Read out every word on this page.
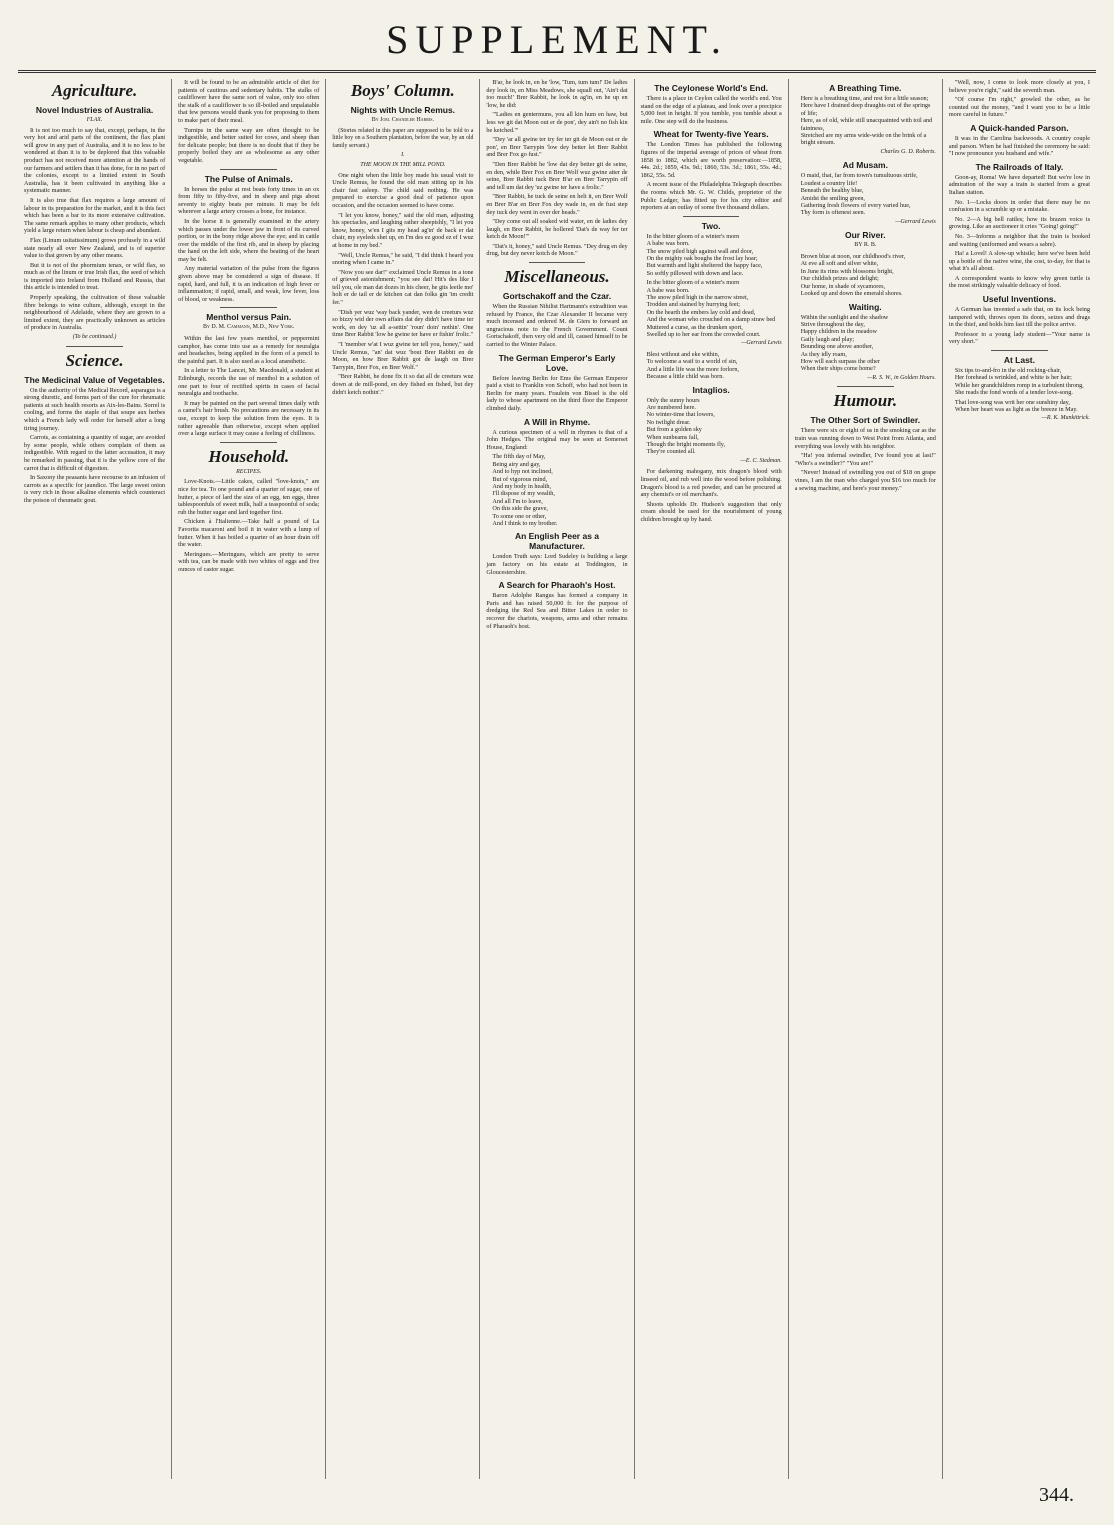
SUPPLEMENT.
Agriculture.
Novel Industries of Australia.
FLAX.

It is not too much to say that, except, perhaps, in the very hot and arid parts of the continent, the flax plant will grow in any part of Australia, and it is no less to be wondered at than it is to be deplored that this valuable product has not received more attention at the hands of our farmers and settlers than it has done, for in no part of the colonies, except to a limited extent in South Australia, has it been cultivated in anything like a systematic manner.

It is also true that flax requires a large amount of labour in its preparation for the market, and it is this fact which has been a bar to its more extensive cultivation. The same remark applies to many other products, which yield a large return when labour is cheap and abundant.

Flax (Linum usitatissimum) grows profusely in a wild state nearly all over New Zealand, and is of superior value to that grown by any other means.

But it is not of the phormium tenax, or wild flax, so much as of the linum or true Irish flax, the seed of which is imported into Ireland from Holland and Russia, that this article is intended to treat.

Properly speaking, the cultivation of these valuable fibre belongs to wine culture, although, except in the neighbourhood of Adelaide, where they are grown to a limited extent, they are practically unknown as articles of produce in Australia.

(To be continued.)
Science.
The Medicinal Value of Vegetables.

On the authority of the Medical Record, asparagus is a strong diuretic, and forms part of the cure for rheumatic patients at such health resorts as Aix-les-Bains. Sorrel is cooling, and forms the staple of that soupe aux herbes which a French lady will order for herself after a long tiring journey.

Carrots, as containing a quantity of sugar, are avoided by some people, while others complain of them as indigestible. With regard to the latter accusation, it may be remarked in passing, that it is the yellow core of the carrot that is difficult of digestion.

In Saxony the peasants have recourse to an infusion of carrots as a specific for jaundice. The large sweet onion is very rich in those alkaline elements which counteract the poison of rheumatic gout.

It will be found to be an admirable article of diet for patients of cautious and sedentary habits. The stalks of cauliflower have the same sort of value, only too often the stalk of a cauliflower is so ill-boiled and unpalatable that few persons would thank you for proposing to them to make part of their meal.

Turnips in the same way are often thought to be indigestible, and better suited for cows, and sheep than for delicate people; but there is no doubt that if they be properly boiled they are as wholesome as any other vegetable.

The Pulse of Animals.

In horses the pulse at rest beats forty times in an ox from fifty to fifty-five, and in sheep and pigs about seventy to eighty beats per minute. It may be felt wherever a large artery crosses a bone, for instance.

In the horse it is generally examined in the artery which passes under the lower jaw in front of its curved portion, or in the bony ridge above the eye; and in cattle over the middle of the first rib, and in sheep by placing the hand on the left side, where the beating of the heart may be felt.

Any material variation of the pulse from the figures given above may be considered a sign of disease. If rapid, hard, and full, it is an indication of high fever or inflammation; if rapid, small, and weak, low fever, loss of blood, or weakness.

Menthol versus Pain.
By D. M. Cammann, M.D., New York.

Within the last few years menthol, or peppermint camphor, has come into use as a remedy for neuralgia and headaches, being applied in the form of a pencil to the painful part. It is also used as a local anæsthetic.

In a letter to The Lancet, Mr. Macdonald, a student at Edinburgh, records the use of menthol in a solution of one part to four of rectified spirits in cases of facial neuralgia and toothache.

It may be painted on the part several times daily with a camel's hair brush. No precautions are necessary in its use, except to keep the solution from the eyes. It is rather agreeable than otherwise, except when applied over a large surface it may cause a feeling of chilliness.

Household.
RECIPES.

Love-Knots.—Little cakes, called "love-knots," are nice for tea. To one pound and a quarter of sugar, one of butter, a piece of lard the size of an egg, ten eggs, three tablespoonfuls of sweet milk, half a teaspoonful of soda; rub the butter sugar and lard together first.

Chicken à l'Italienne.—Take half a pound of La Favorita macaroni and boil it in water with a lump of butter. When it has boiled a quarter of an hour drain off the water.

Meringues.—Meringues, which are pretty to serve with tea, can be made with two whites of eggs and five ounces of castor sugar.

Boys' Column.
Nights with Uncle Remus.
By Joel Chandler Harris.

(Stories related in this paper are supposed to be told to a little boy on a Southern plantation, before the war, by an old family servant.)

I.
THE MOON IN THE MILL POND.

One night when the little boy made his usual visit to Uncle Remus, he found the old man sitting up in his chair fast asleep. The child said nothing. He was prepared to exercise a good deal of patience upon occasion, and the occasion seemed to have come.

"I let you know, honey," said the old man, adjusting his spectacles, and laughing rather sheepishly, "I let you know, honey, w'en I gits my head ag'in' de back er dat chair, my eyeleds shet up, en I'm des ez good ez ef I wuz at home in my bed."

"Well, Uncle Remus," he said, "I did think I heard you snoring when I came in."

"Now you see dar!" exclaimed Uncle Remus in a tone of grieved astonishment; "you see dat! Hit's des like I tell you, ole man dat dozes in his cheer, he gits leetle mo' holt er de tail er de kitchen cat dan folks gin 'im credit fer."

"Dish yer wuz 'way back yander, wen de creeturs wuz so bizzy wid der own affairs dat dey didn't have time ter work, en dey 'uz all a-settin' 'roun' doin' nothin'. One time Brer Rabbit 'low he gwine ter have er fishin' frolic."

"I 'member w'at I wuz gwine ter tell you, honey," said Uncle Remus, "an' dat wuz 'bout Brer Rabbit en de Moon, en how Brer Rabbit got de laugh on Brer Tarrypin, Brer Fox, en Brer Wolf."

"Brer Rabbit, he done fix it so dat all de creeturs wuz down at de mill-pond, en dey fished en fished, but dey didn't ketch nothin'."

B'ar, he look in, en he 'low, 'Tum, tum tum!' De ladies dey look in, en Miss Meadows, she squall out, 'Ain't dat too much!' Brer Rabbit, he look in ag'in, en he up en 'low, he did:

"'Ladies en gentermuns, you all kin hum en haw, but less we git dat Moon out er de pon', dey ain't no fish kin be ketched.'"

"Dey 'ar all gwine ter try fer ter git de Moon out er de pon', en Brer Tarrypin 'low dey better let Brer Rabbit and Brer Fox go fust."

"Den Brer Rabbit he 'low dat dey better git de seine, en den, while Brer Fox en Brer Wolf wuz gwine atter de seine, Brer Rabbit tuck Brer B'ar en Brer Tarrypin off and tell um dat dey 'uz gwine ter have a frolic."

"Brer Rabbit, he tuck de seine en helt it, en Brer Wolf en Brer B'ar en Brer Fox dey wade in, en de fust step dey tuck dey went in over der heads."

"Dey come out all soaked wid water, en de ladies dey laugh, en Brer Rabbit, he hollered 'Dat's de way fer ter ketch de Moon!'"

"Dat's it, honey," said Uncle Remus. "Dey drug en dey drug, but dey never kotch de Moon."

Miscellaneous.
Gortschakoff and the Czar.

When the Russian Nihilist Hartmann's extradition was refused by France, the Czar Alexander II became very much incensed and ordered M. de Giers to forward an ungracious note to the French Government. Count Gortschakoff, then very old and ill, caused himself to be carried to the Winter Palace.

The German Emperor's Early Love.

Before leaving Berlin for Ems the German Emperor paid a visit to Franklin von Schoff, who had not been in Berlin for many years. Fraulein von Bissel is the old lady to whose apartment on the third floor the Emperor climbed daily.

A Will in Rhyme.

A curious specimen of a will in rhymes is that of a John Hedges. The original may be seen at Somerset House, England:

The fifth day of May,
Being airy and gay,
And to hyp not inclined,
But of vigorous mind,
And my body in health,
I'll dispose of my wealth,
And all I'm to leave,
On this side the grave,
To some one or other,
And I think to my brother.
An English Peer as a Manufacturer.

London Truth says: Lord Sudeley is building a large jam factory on his estate at Toddington, in Gloucestershire.

A Search for Pharaoh's Host.

Baron Adolphe Rangus has formed a company in Paris and has raised 50,000 fr. for the purpose of dredging the Red Sea and Bitter Lakes in order to recover the chariots, weapons, arms and other remains of Pharaoh's host.

The Ceylonese World's End.

There is a place in Ceylon called the world's end. You stand on the edge of a plateau, and look over a precipice 5,000 feet in height. If you tumble, you tumble about a mile. One step will do the business.

Wheat for Twenty-five Years.

The London Times has published the following figures of the imperial average of prices of wheat from 1858 to 1882, which are worth preservation:—1858, 44s. 2d.; 1859, 43s. 9d.; 1860, 53s. 3d.; 1861, 55s. 4d.; 1862, 55s. 5d.

A recent issue of the Philadelphia Telegraph describes the rooms which Mr. G. W. Childs, proprietor of the Public Ledger, has fitted up for his city editor and reporters at an outlay of some five thousand dollars.

Two.
In the bitter gloom of a winter's morn
A babe was born.
The snow piled high against wall and door,
On the mighty oak boughs the frost lay hoar;
But warmth and light sheltered the happy face,
So softly pillowed with down and lace.
In the bitter gloom of a winter's morn
A babe was born.
The snow piled high in the narrow street,
Trodden and stained by hurrying feet;
On the hearth the embers lay cold and dead,
And the woman who crouched on a damp straw bed
Muttered a curse, as the drunken sport,
Swelled up to her ear from the crowded court.
—Gerrard Lewis
Blest without and eke within,
To welcome a waif to a world of sin,
And a little life was the more forlorn,
Because a little child was born.
Intaglios.
Only the sunny hours
Are numbered here.
No winter-time that lowers,
No twilight drear.
But from a golden sky
When sunbeams fall,
Though the bright moments fly,
They're counted all.
—E. C. Stedman.

For darkening mahogany, mix dragon's blood with linseed oil, and rub well into the wood before polishing. Dragon's blood is a red powder, and can be procured at any chemist's or oil merchant's.

Shoots upholds Dr. Hudson's suggestion that only cream should be used for the nourishment of young children brought up by hand.

A Breathing Time.
Here is a breathing time, and rest for a little season;
Here have I drained deep draughts out of the springs of life;
Here, as of old, while still unacquainted with toil and faintness,
Stretched are my arms wide-wide on the brink of a bright stream.
Charles G. D. Roberts.
Ad Musam.
O maid, that, far from town's tumultuous strife,
Loudest a country life!
Beneath the healthy blue,
Amidst the smiling green,
Gathering fresh flowers of every varied hue,
Thy form is oftenest seen.
—Gerrard Lewis
Our River.
BY R. B.
Brown blue at noon, our childhood's river,
At eve all soft and silver white,
In June its rims with blossoms bright,
Our childish prizes and delight;
Our home, in shade of sycamores,
Looked up and down the emerald shores.
Waiting.
Within the sunlight and the shadow
Strive throughout the day,
Happy children in the meadow
Gaily laugh and play;
Bounding one above another,
As they idly roam,
How will each surpass the other
When their ships come home?
—R. S. W., in Golden Hours.
Humour.
The Other Sort of Swindler.

There were six or eight of us in the smoking car as the train was running down to West Point from Atlanta, and everything was lovely with his neighbor.

"Ha! you infernal swindler, I've found you at last!" "Who's a swindler?" "You are!"

"Never! Instead of swindling you out of $18 on grape vines, I am the man who charged you $16 too much for a sewing machine, and here's your money."

"Well, now, I come to look more closely at you, I believe you're right," said the seventh man.

"Of course I'm right," growled the other, as he counted out the money, "and I want you to be a little more careful in future."

A Quick-handed Parson.

It was in the Carolina backwoods. A country couple and parson. When he had finished the ceremony he said: "I now pronounce you husband and wife."

The Railroads of Italy.

Goon-ay, Roma! We have departed! But we're low in admiration of the way a train is started from a great Italian station.

No. 1—Locks doors in order that there may be no confusion in a scramble up or a mistake.

No. 2—A big bell rattles; how its brazen voice is growing. Like an auctioneer it cries "Going! going!"

No. 3—Informs a neighbor that the train is booked and waiting (uniformed and wears a sabre).

Ha! a Lovel! A slow-up whistle; here we've been held up a bottle of the native wine, the cost, to-day, for that is what it's all about.

A correspondent wants to know why green turtle is the most strikingly valuable delicacy of food.

Useful Inventions.

A German has invented a safe that, on its lock being tampered with, throws open its doors, seizes and drags in the thief, and holds him fast till the police arrive.

Professor to a young lady student—"Your name is very short."

At Last.
Six tips to-and-fro in the old rocking-chair,
Her forehead is wrinkled, and white is her hair;
While her grandchildren romp in a turbulent throng,
She reads the fond words of a tender love-song.
That love-song was writ her one sunshiny day,
When her heart was as light as the breeze in May.
—R. K. Munkittrick.
344.
